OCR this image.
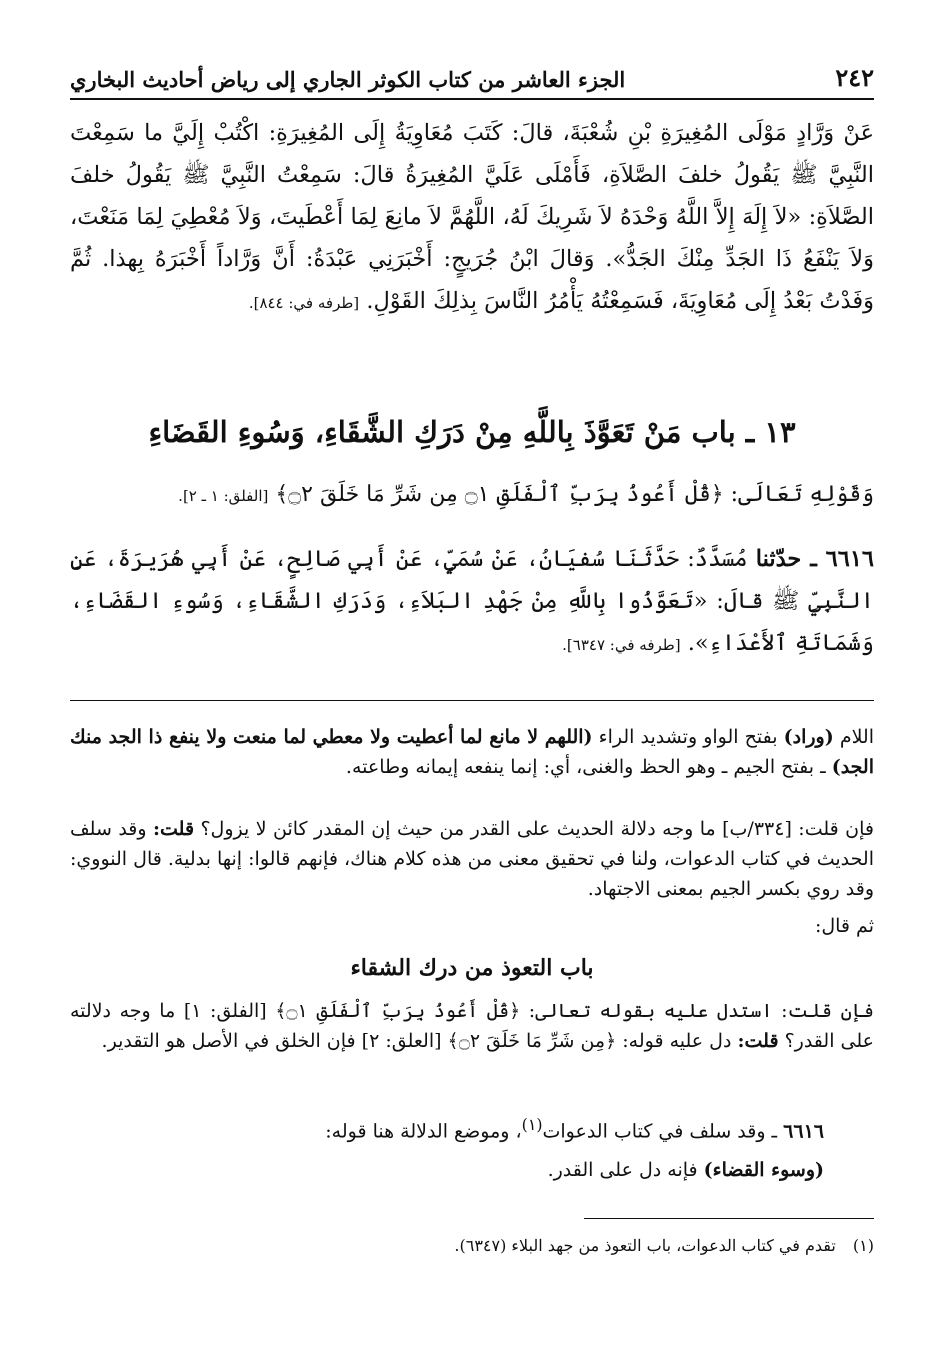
٢٤٢
الجزء العاشر من كتاب الكوثر الجاري إلى رياض أحاديث البخاري
عَنْ وَرَّادٍ مَوْلَى المُغِيرَةِ بْنِ شُعْبَةَ، قالَ: كَتَبَ مُعَاوِيَةُ إِلَى المُغِيرَةِ: اكْتُبْ إِلَيَّ ما سَمِعْتَ النَّبِيَّ ﷺ يَقُولُ خلفَ الصَّلاَةِ، فَأَمْلَى عَلَيَّ المُغِيرَةُ قالَ: سَمِعْتُ النَّبِيَّ ﷺ يَقُولُ خلفَ الصَّلاَةِ: «لاَ إِلَهَ إِلاَّ اللَّهُ وَحْدَهُ لاَ شَرِيكَ لَهُ، اللَّهُمَّ لاَ مانِعَ لِمَا أَعْطَيتَ، وَلاَ مُعْطِيَ لِمَا مَنَعْتَ، وَلاَ يَنْفَعُ ذَا الجَدِّ مِنْكَ الجَدُّ». وَقالَ ابْنُ جُرَيجٍ: أَخْبَرَنِي عَبْدَةُ: أَنَّ وَرَّاداً أَخْبَرَهُ بِهذا. ثُمَّ وَفَدْتُ بَعْدُ إِلَى مُعَاوِيَةَ، فَسَمِعْتُهُ يَأْمُرُ النَّاسَ بِذلِكَ القَوْلِ. [طرفه في: ٨٤٤].
١٣ ـ باب مَنْ تَعَوَّذَ بِاللَّهِ مِنْ دَرَكِ الشَّقَاءِ، وَسُوءِ القَضَاءِ
وَقَوْلِهِ تَعَالَى: ﴿قُلْ أَعُوذُ بِرَبِّ ٱلْفَلَقِ ۝١ مِن شَرِّ مَا خَلَقَ ۝٢﴾ [الفلق: ١ ـ ٢].
٦٦١٦ ـ حدّثنا مُسَدَّدٌ: حَدَّثَنَا سُفيَانُ، عَنْ سُمَيٍّ، عَنْ أَبِي صَالِحٍ، عَنْ أَبِي هُرَيرَةَ، عَنِ النَّبِيِّ ﷺ قالَ: «تَعَوَّذُوا بِاللَّهِ مِنْ جَهْدِ البَلاَءِ، وَدَرَكِ الشَّقَاءِ، وَسُوءِ القَضَاءِ، وَشَمَاتَةِ ٱلأَعْدَاءِ». [طرفه في: ٦٣٤٧].
اللام (وراد) بفتح الواو وتشديد الراء (اللهم لا مانع لما أعطيت ولا معطي لما منعت ولا ينفع ذا الجد منك الجد) ـ بفتح الجيم ـ وهو الحظ والغنى، أي: إنما ينفعه إيمانه وطاعته.
فإن قلت: [٣٣٤/ب] ما وجه دلالة الحديث على القدر من حيث إن المقدر كائن لا يزول؟ قلت: وقد سلف الحديث في كتاب الدعوات، ولنا في تحقيق معنى من هذه كلام هناك، فإنهم قالوا: إنها بدلية. قال النووي: وقد روي بكسر الجيم بمعنى الاجتهاد.
ثم قال:
باب التعوذ من درك الشقاء
فإن قلت: استدل عليه بقوله تعالى: ﴿قُلْ أَعُوذُ بِرَبِّ ٱلْفَلَقِ ۝١﴾ [الفلق: ١] ما وجه دلالته على القدر؟ قلت: دل عليه قوله: ﴿مِن شَرِّ مَا خَلَقَ ۝٢﴾ [العلق: ٢] فإن الخلق في الأصل هو التقدير.
٦٦١٦ ـ وقد سلف في كتاب الدعوات$^{(١)}$، وموضع الدلالة هنا قوله:
(وسوء القضاء) فإنه دل على القدر.
(١) تقدم في كتاب الدعوات، باب التعوذ من جهد البلاء (٦٣٤٧).
